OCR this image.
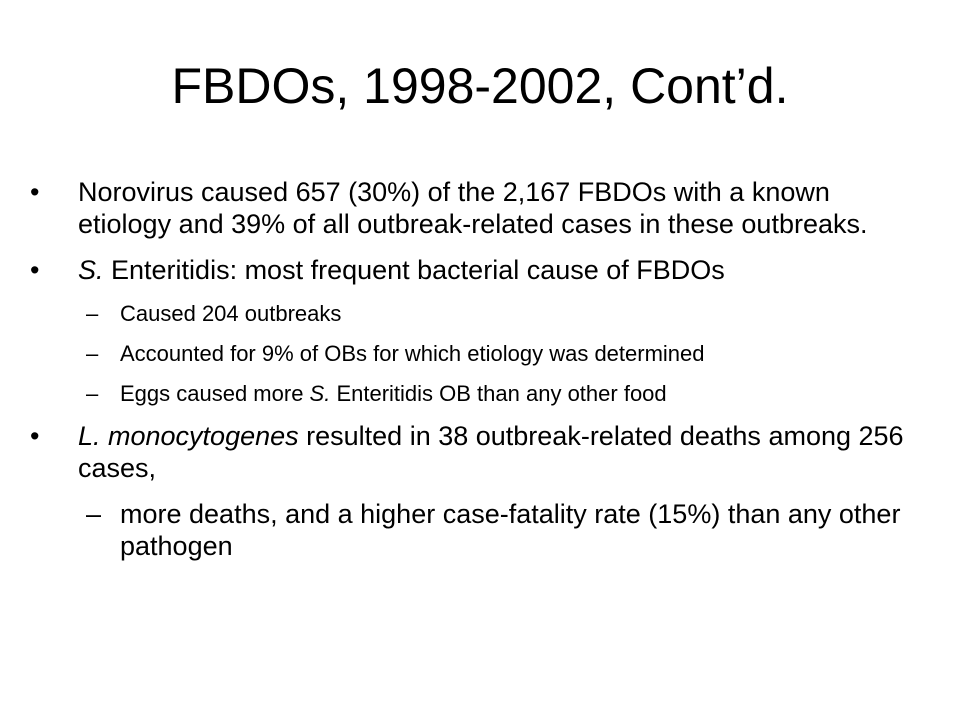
FBDOs, 1998-2002, Cont’d.
•	Norovirus caused 657 (30%) of the 2,167 FBDOs with a known etiology and 39% of all outbreak-related cases in these outbreaks.
•	S. Enteritidis: most frequent bacterial cause of FBDOs
– Caused 204 outbreaks
– Accounted for 9% of OBs for which etiology was determined
– Eggs caused more S. Enteritidis OB than any other food
•	L. monocytogenes resulted in 38 outbreak-related deaths among 256 cases,
– more deaths, and a higher case-fatality rate (15%) than any other pathogen
